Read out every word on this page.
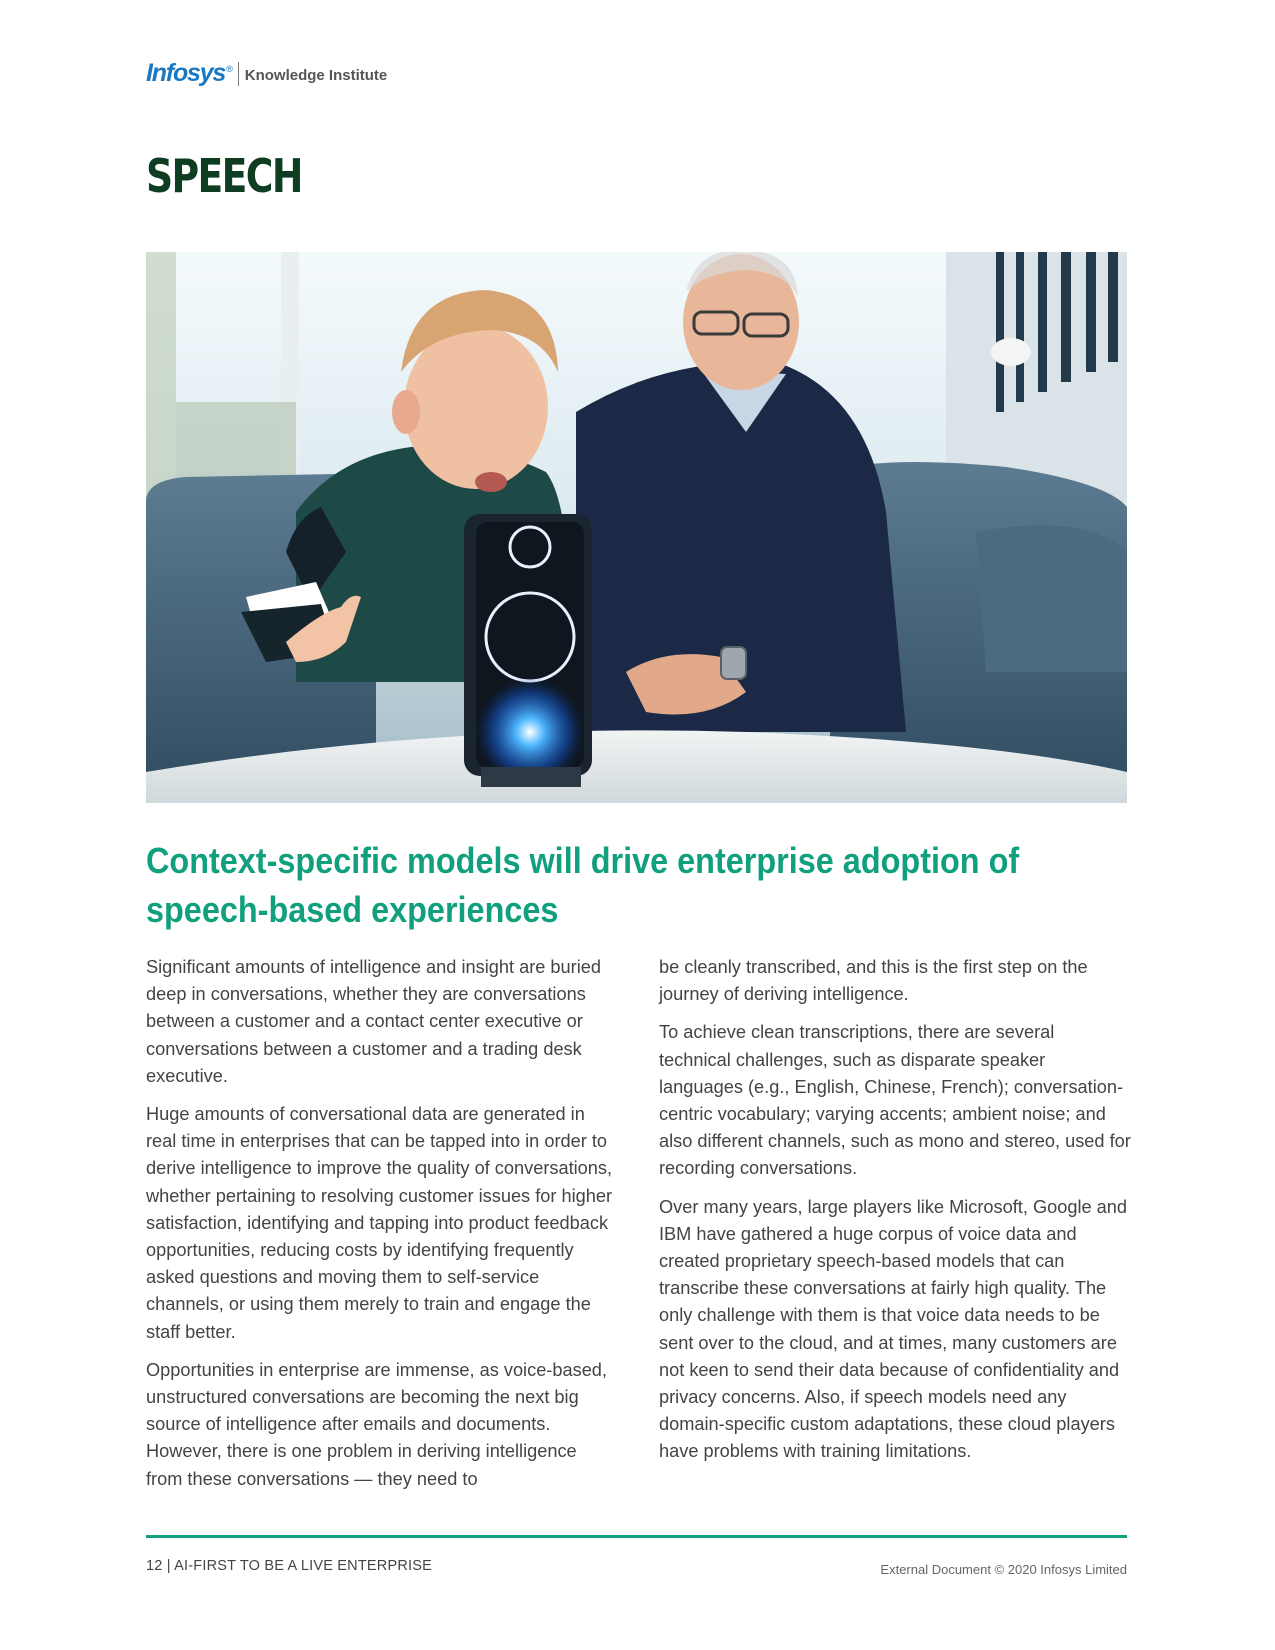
Infosys ® Knowledge Institute
SPEECH
Context-specific models will drive enterprise adoption of speech-based experiences

Significant amounts of intelligence and insight are buried deep in conversations, whether they are conversations between a customer and a contact center executive or conversations between a customer and a trading desk executive.

Huge amounts of conversational data are generated in real time in enterprises that can be tapped into in order to derive intelligence to improve the quality of conversations, whether pertaining to resolving customer issues for higher satisfaction, identifying and tapping into product feedback opportunities, reducing costs by identifying frequently asked questions and moving them to self-service channels, or using them merely to train and engage the staff better.

Opportunities in enterprise are immense, as voice-based, unstructured conversations are becoming the next big source of intelligence after emails and documents. However, there is one problem in deriving intelligence from these conversations — they need to

be cleanly transcribed, and this is the first step on the journey of deriving intelligence.

To achieve clean transcriptions, there are several technical challenges, such as disparate speaker languages (e.g., English, Chinese, French); conversation-centric vocabulary; varying accents; ambient noise; and also different channels, such as mono and stereo, used for recording conversations.

Over many years, large players like Microsoft, Google and IBM have gathered a huge corpus of voice data and created proprietary speech-based models that can transcribe these conversations at fairly high quality. The only challenge with them is that voice data needs to be sent over to the cloud, and at times, many customers are not keen to send their data because of confidentiality and privacy concerns. Also, if speech models need any domain-specific custom adaptations, these cloud players have problems with training limitations.

12 | AI-FIRST TO BE A LIVE ENTERPRISE	External Document © 2020 Infosys Limited
